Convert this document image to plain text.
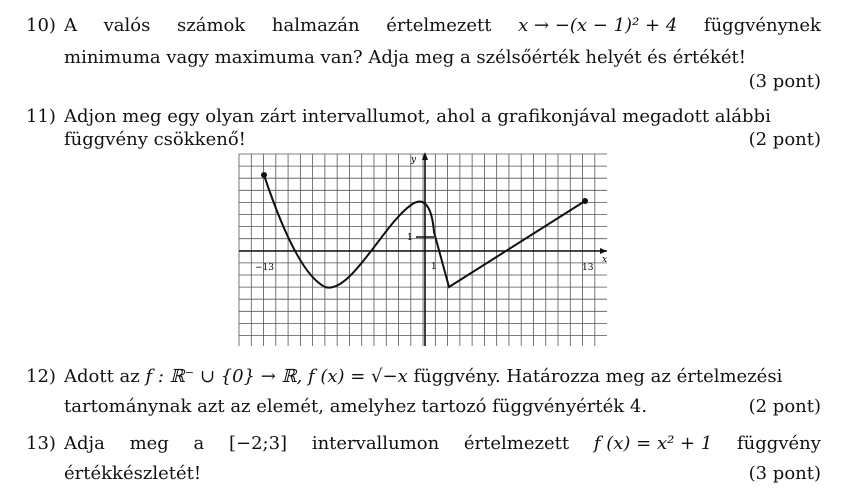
10) A valós számok halmazán értelmezett x → −(x − 1)² + 4 függvénynek
minimuma vagy maximuma van? Adja meg a szélsőérték helyét és értékét!
(3 pont)
11) Adjon meg egy olyan zárt intervallumot, ahol a grafikonjával megadott alábbi
függvény csökkenő!	(2 pont)
y
x
−13	1
1
13
12) Adott az f : ℝ⁻ ∪ {0} → ℝ, f (x) = √−x függvény. Határozza meg az értelmezési
tartománynak azt az elemét, amelyhez tartozó függvényérték 4.	(2 pont)
13) Adja meg a [−2;3] intervallumon értelmezett f (x) = x² + 1 függvény
értékkészletét!	(3 pont)
